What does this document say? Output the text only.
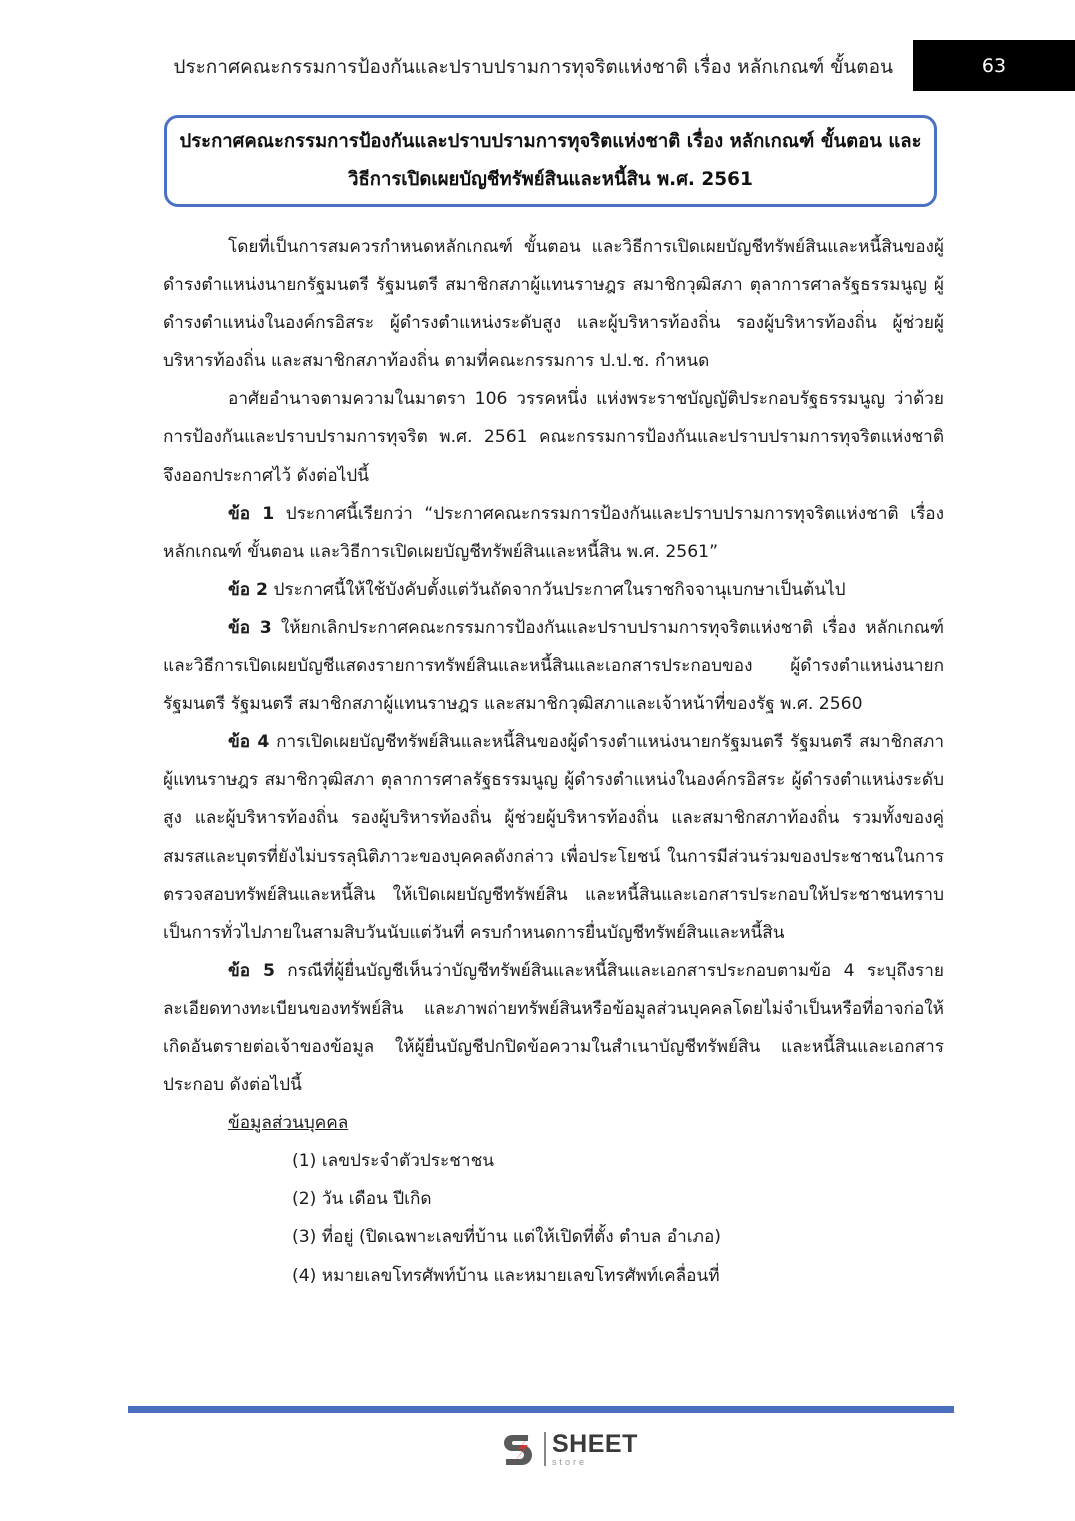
ประกาศคณะกรรมการป้องกันและปราบปรามการทุจริตแห่งชาติ เรื่อง หลักเกณฑ์ ขั้นตอน	63
ประกาศคณะกรรมการป้องกันและปราบปรามการทุจริตแห่งชาติ เรื่อง หลักเกณฑ์ ขั้นตอน และ
วิธีการเปิดเผยบัญชีทรัพย์สินและหนี้สิน พ.ศ. 2561

โดยที่เป็นการสมควรกำหนดหลักเกณฑ์ ขั้นตอน และวิธีการเปิดเผยบัญชีทรัพย์สินและหนี้สินของผู้ดำรงตำแหน่งนายกรัฐมนตรี รัฐมนตรี สมาชิกสภาผู้แทนราษฎร สมาชิกวุฒิสภา ตุลาการศาลรัฐธรรมนูญ ผู้ดำรงตำแหน่งในองค์กรอิสระ ผู้ดำรงตำแหน่งระดับสูง และผู้บริหารท้องถิ่น รองผู้บริหารท้องถิ่น ผู้ช่วยผู้บริหารท้องถิ่น และสมาชิกสภาท้องถิ่น ตามที่คณะกรรมการ ป.ป.ช. กำหนด

อาศัยอำนาจตามความในมาตรา 106 วรรคหนึ่ง แห่งพระราชบัญญัติประกอบรัฐธรรมนูญ ว่าด้วยการป้องกันและปราบปรามการทุจริต พ.ศ. 2561 คณะกรรมการป้องกันและปราบปรามการทุจริตแห่งชาติจึงออกประกาศไว้ ดังต่อไปนี้

ข้อ 1 ประกาศนี้เรียกว่า “ประกาศคณะกรรมการป้องกันและปราบปรามการทุจริตแห่งชาติ เรื่อง หลักเกณฑ์ ขั้นตอน และวิธีการเปิดเผยบัญชีทรัพย์สินและหนี้สิน พ.ศ. 2561”

ข้อ 2 ประกาศนี้ให้ใช้บังคับตั้งแต่วันถัดจากวันประกาศในราชกิจจานุเบกษาเป็นต้นไป

ข้อ 3 ให้ยกเลิกประกาศคณะกรรมการป้องกันและปราบปรามการทุจริตแห่งชาติ เรื่อง หลักเกณฑ์และวิธีการเปิดเผยบัญชีแสดงรายการทรัพย์สินและหนี้สินและเอกสารประกอบของ ผู้ดำรงตำแหน่งนายกรัฐมนตรี รัฐมนตรี สมาชิกสภาผู้แทนราษฎร และสมาชิกวุฒิสภาและเจ้าหน้าที่ของรัฐ พ.ศ. 2560

ข้อ 4 การเปิดเผยบัญชีทรัพย์สินและหนี้สินของผู้ดำรงตำแหน่งนายกรัฐมนตรี รัฐมนตรี สมาชิกสภาผู้แทนราษฎร สมาชิกวุฒิสภา ตุลาการศาลรัฐธรรมนูญ ผู้ดำรงตำแหน่งในองค์กรอิสระ ผู้ดำรงตำแหน่งระดับสูง และผู้บริหารท้องถิ่น รองผู้บริหารท้องถิ่น ผู้ช่วยผู้บริหารท้องถิ่น และสมาชิกสภาท้องถิ่น รวมทั้งของคู่สมรสและบุตรที่ยังไม่บรรลุนิติภาวะของบุคคลดังกล่าว เพื่อประโยชน์ ในการมีส่วนร่วมของประชาชนในการตรวจสอบทรัพย์สินและหนี้สิน ให้เปิดเผยบัญชีทรัพย์สิน และหนี้สินและเอกสารประกอบให้ประชาชนทราบเป็นการทั่วไปภายในสามสิบวันนับแต่วันที่ ครบกำหนดการยื่นบัญชีทรัพย์สินและหนี้สิน

ข้อ 5 กรณีที่ผู้ยื่นบัญชีเห็นว่าบัญชีทรัพย์สินและหนี้สินและเอกสารประกอบตามข้อ 4 ระบุถึงรายละเอียดทางทะเบียนของทรัพย์สิน และภาพถ่ายทรัพย์สินหรือข้อมูลส่วนบุคคลโดยไม่จำเป็นหรือที่อาจก่อให้เกิดอันตรายต่อเจ้าของข้อมูล ให้ผู้ยื่นบัญชีปกปิดข้อความในสำเนาบัญชีทรัพย์สิน และหนี้สินและเอกสารประกอบ ดังต่อไปนี้

ข้อมูลส่วนบุคคล

(1) เลขประจำตัวประชาชน

(2) วัน เดือน ปีเกิด

(3) ที่อยู่ (ปิดเฉพาะเลขที่บ้าน แต่ให้เปิดที่ตั้ง ตำบล อำเภอ)

(4) หมายเลขโทรศัพท์บ้าน และหมายเลขโทรศัพท์เคลื่อนที่

SHEET
store
